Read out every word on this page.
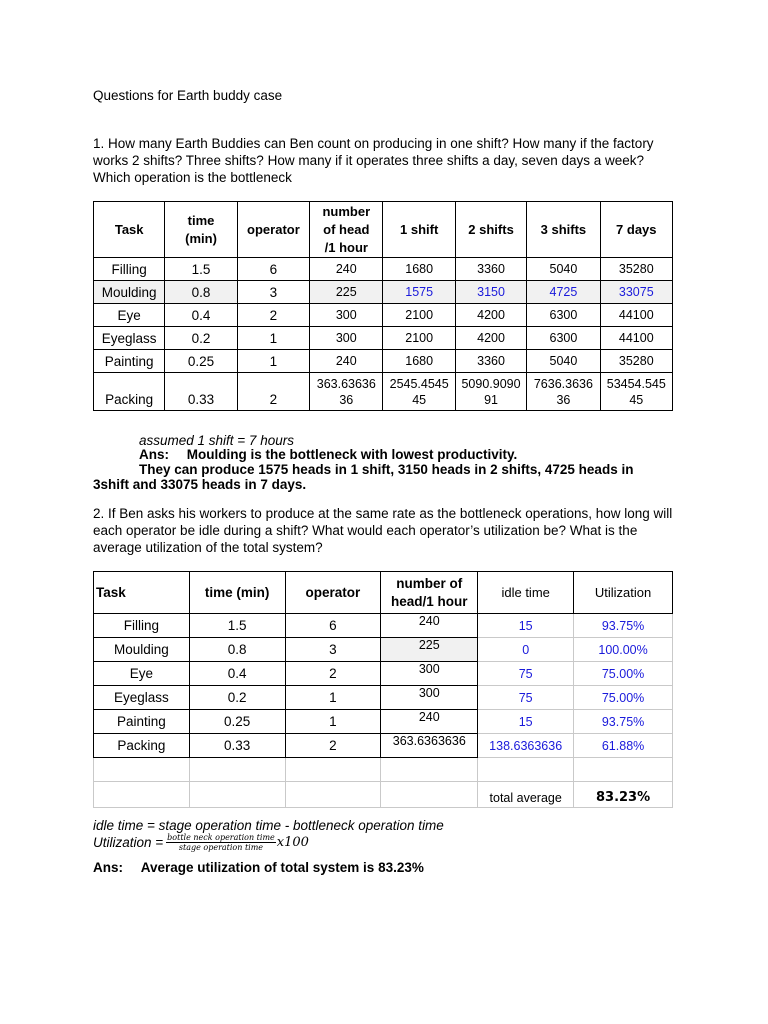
Questions for Earth buddy case
1. How many Earth Buddies can Ben count on producing in one shift? How many if the factory works 2 shifts? Three shifts? How many if it operates three shifts a day, seven days a week? Which operation is the bottleneck
Task	time (min)	operator	number of head /1 hour	1 shift	2 shifts	3 shifts	7 days
Filling	1.5	6	240	1680	3360	5040	35280
Moulding	0.8	3	225	1575	3150	4725	33075
Eye	0.4	2	300	2100	4200	6300	44100
Eyeglass	0.2	1	300	2100	4200	6300	44100
Painting	0.25	1	240	1680	3360	5040	35280
Packing	0.33	2	363.63636 36	2545.4545 45	5090.9090 91	7636.3636 36	53454.545 45
assumed 1 shift = 7 hours
Ans: Moulding is the bottleneck with lowest productivity.
They can produce 1575 heads in 1 shift, 3150 heads in 2 shifts, 4725 heads in
3shift and 33075 heads in 7 days.
2. If Ben asks his workers to produce at the same rate as the bottleneck operations, how long will each operator be idle during a shift? What would each operator’s utilization be? What is the average utilization of the total system?
Task	time (min)	operator	number of head/1 hour	idle time	Utilization
Filling	1.5	6	240	15	93.75%
Moulding	0.8	3	225	0	100.00%
Eye	0.4	2	300	75	75.00%
Eyeglass	0.2	1	300	75	75.00%
Painting	0.25	1	240	15	93.75%
Packing	0.33	2	363.6363636	138.6363636	61.88%

				total average	83.23%
idle time = stage operation time - bottleneck operation time
Utilization = $\frac{\text{bottle neck operation time}}{\text{stage operation time}} x100$
Ans: Average utilization of total system is 83.23%
